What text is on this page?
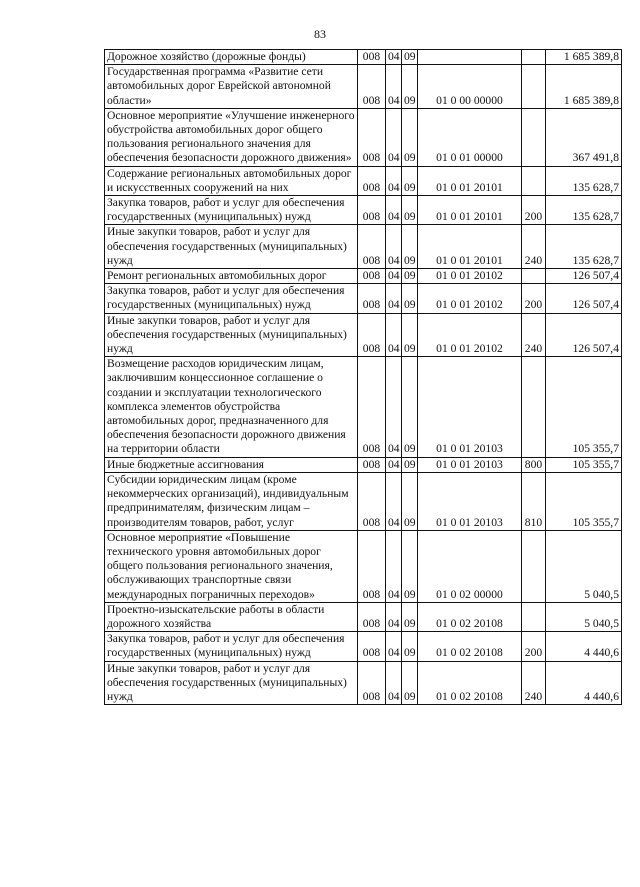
83
Дорожное хозяйство (дорожные фонды)	008	04	09			1 685 389,8
Государственная программа «Развитие сети автомобильных дорог Еврейской автономной области»	008	04	09	01 0 00 00000		1 685 389,8
Основное мероприятие «Улучшение инженерного обустройства автомобильных дорог общего пользования регионального значения для обеспечения безопасности дорожного движения»	008	04	09	01 0 01 00000		367 491,8
Содержание региональных автомобильных дорог и искусственных сооружений на них	008	04	09	01 0 01 20101		135 628,7
Закупка товаров, работ и услуг для обеспечения государственных (муниципальных) нужд	008	04	09	01 0 01 20101	200	135 628,7
Иные закупки товаров, работ и услуг для обеспечения государственных (муниципальных) нужд	008	04	09	01 0 01 20101	240	135 628,7
Ремонт региональных автомобильных дорог	008	04	09	01 0 01 20102		126 507,4
Закупка товаров, работ и услуг для обеспечения государственных (муниципальных) нужд	008	04	09	01 0 01 20102	200	126 507,4
Иные закупки товаров, работ и услуг для обеспечения государственных (муниципальных) нужд	008	04	09	01 0 01 20102	240	126 507,4
Возмещение расходов юридическим лицам, заключившим концессионное соглашение о создании и эксплуатации технологического комплекса элементов обустройства автомобильных дорог, предназначенного для обеспечения безопасности дорожного движения на территории области	008	04	09	01 0 01 20103		105 355,7
Иные бюджетные ассигнования	008	04	09	01 0 01 20103	800	105 355,7
Субсидии юридическим лицам (кроме некоммерческих организаций), индивидуальным предпринимателям, физическим лицам – производителям товаров, работ, услуг	008	04	09	01 0 01 20103	810	105 355,7
Основное мероприятие «Повышение технического уровня автомобильных дорог общего пользования регионального значения, обслуживающих транспортные связи международных пограничных переходов»	008	04	09	01 0 02 00000		5 040,5
Проектно-изыскательские работы в области дорожного хозяйства	008	04	09	01 0 02 20108		5 040,5
Закупка товаров, работ и услуг для обеспечения государственных (муниципальных) нужд	008	04	09	01 0 02 20108	200	4 440,6
Иные закупки товаров, работ и услуг для обеспечения государственных (муниципальных) нужд	008	04	09	01 0 02 20108	240	4 440,6
